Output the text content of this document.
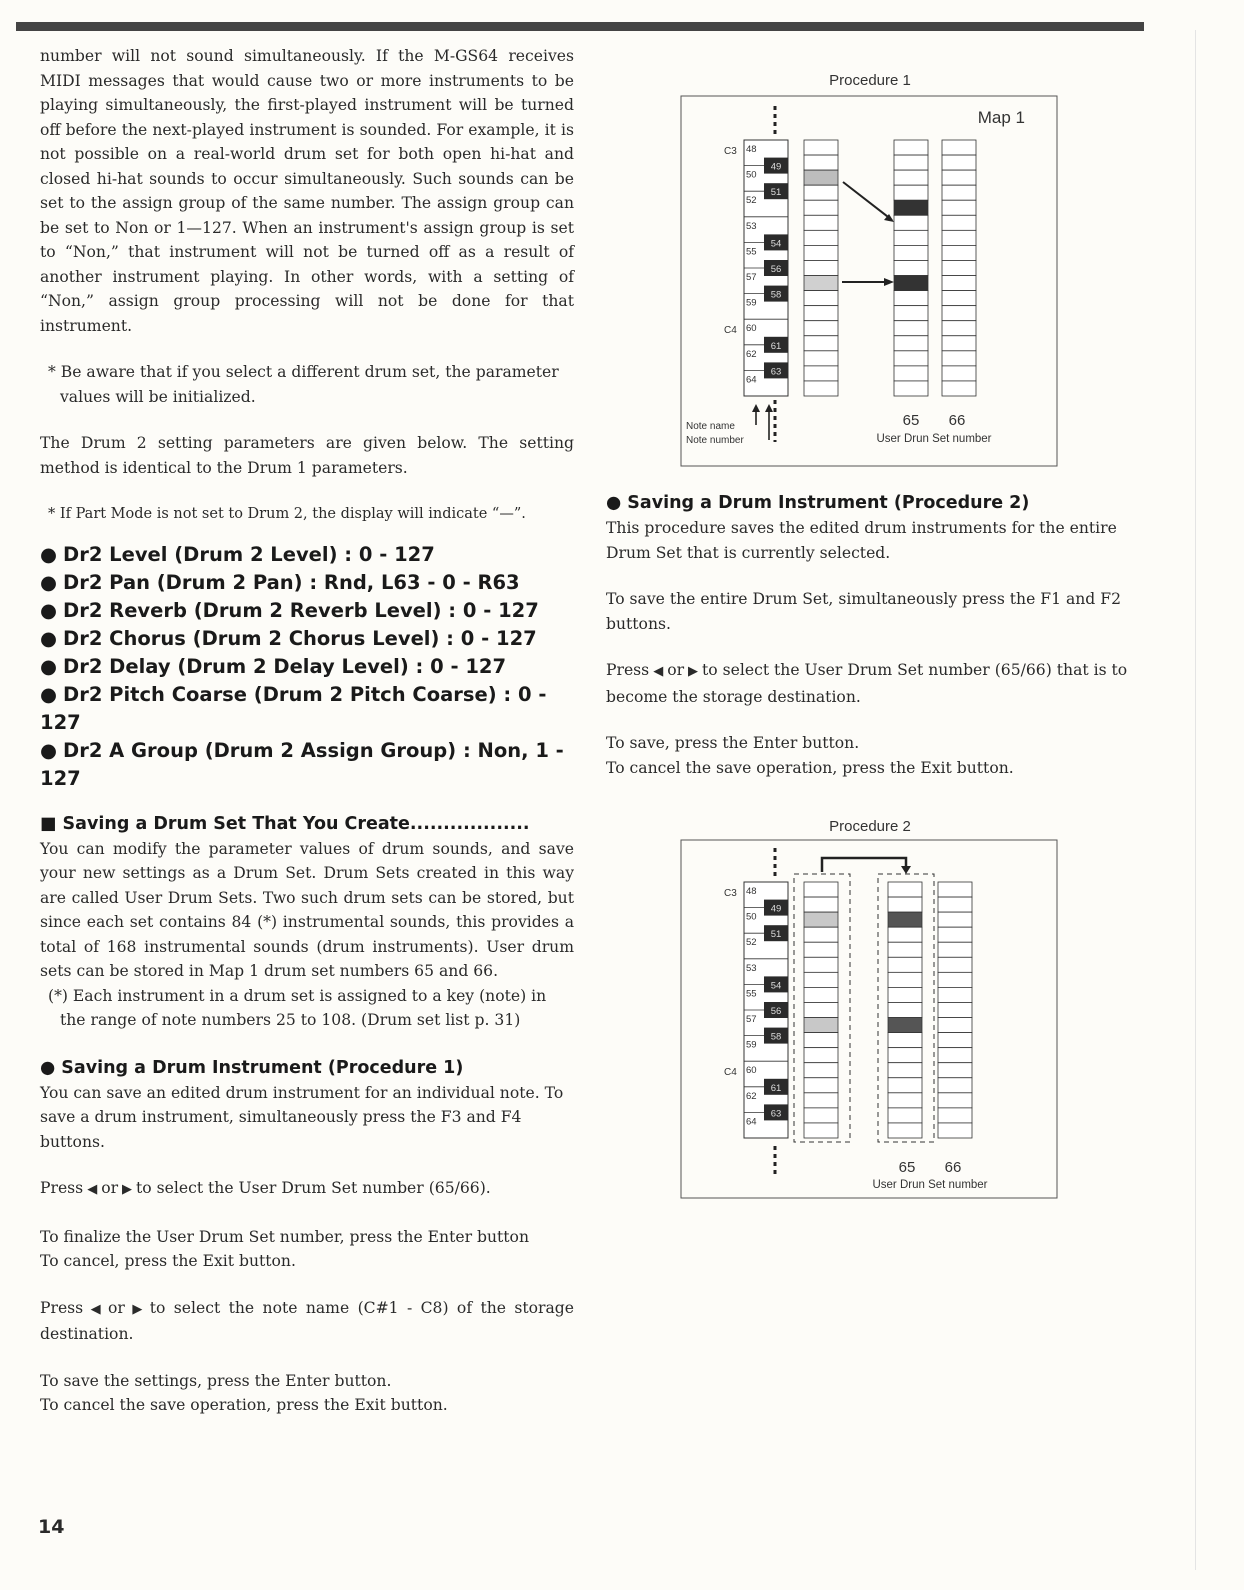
number will not sound simultaneously. If the M-GS64 receives MIDI messages that would cause two or more instruments to be playing simultaneously, the first-played instrument will be turned off before the next-played instrument is sounded. For example, it is not possible on a real-world drum set for both open hi-hat and closed hi-hat sounds to occur simultaneously. Such sounds can be set to the assign group of the same number. The assign group can be set to Non or 1—127. When an instrument's assign group is set to “Non,” that instrument will not be turned off as a result of another instrument playing. In other words, with a setting of “Non,” assign group processing will not be done for that instrument.

* Be aware that if you select a different drum set, the parameter values will be initialized.

The Drum 2 setting parameters are given below. The setting method is identical to the Drum 1 parameters.

* If Part Mode is not set to Drum 2, the display will indicate “—”.

● Dr2 Level (Drum 2 Level) : 0 - 127

● Dr2 Pan (Drum 2 Pan) : Rnd, L63 - 0 - R63

● Dr2 Reverb (Drum 2 Reverb Level) : 0 - 127

● Dr2 Chorus (Drum 2 Chorus Level) : 0 - 127

● Dr2 Delay (Drum 2 Delay Level) : 0 - 127

● Dr2 Pitch Coarse (Drum 2 Pitch Coarse) : 0 - 127

● Dr2 A Group (Drum 2 Assign Group) : Non, 1 - 127

■ Saving a Drum Set That You Create..................

You can modify the parameter values of drum sounds, and save your new settings as a Drum Set. Drum Sets created in this way are called User Drum Sets. Two such drum sets can be stored, but since each set contains 84 (*) instrumental sounds, this provides a total of 168 instrumental sounds (drum instruments). User drum sets can be stored in Map 1 drum set numbers 65 and 66.

(*) Each instrument in a drum set is assigned to a key (note) in the range of note numbers 25 to 108. (Drum set list p. 31)

● Saving a Drum Instrument (Procedure 1)

You can save an edited drum instrument for an individual note. To save a drum instrument, simultaneously press the F3 and F4 buttons.

Press ◀ or ▶ to select the User Drum Set number (65/66).

To finalize the User Drum Set number, press the Enter button

To cancel, press the Exit button.

Press ◀ or ▶ to select the note name (C#1 - C8) of the storage destination.

To save the settings, press the Enter button.

To cancel the save operation, press the Exit button.

● Saving a Drum Instrument (Procedure 2)

This procedure saves the edited drum instruments for the entire Drum Set that is currently selected.

To save the entire Drum Set, simultaneously press the F1 and F2 buttons.

Press ◀ or ▶ to select the User Drum Set number (65/66) that is to become the storage destination.

To save, press the Enter button.

To cancel the save operation, press the Exit button.

Procedure 1
Map 1
48
50
52
53
55
57
59
60
62
64
49
51
54
56
58
61
63
C3
C4
Note name
Note number
65 66
User Drun Set number
Procedure 2
48
50
52
53
55
57
59
60
62
64
49
51
54
56
58
61
63
C3
C4
65 66
User Drun Set number
14
